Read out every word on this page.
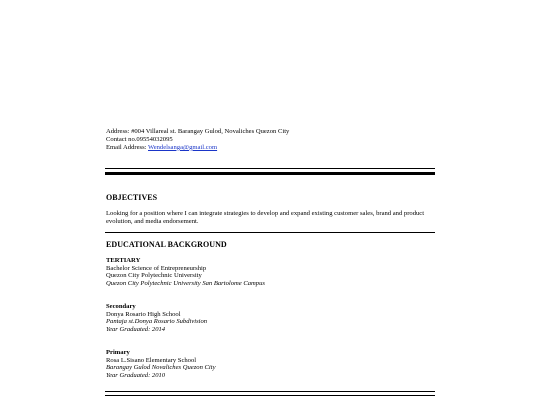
Address: #004 Villareal st. Barangay Gulod, Novaliches Quezon City
Contact no.09554032095
Email Address: Wendelsanga@gmail.com
OBJECTIVES
Looking for a position where I can integrate strategies to develop and expand existing customer sales, brand and product evolution, and media endorsement.
EDUCATIONAL BACKGROUND
TERTIARY
Bachelor Science of Entrepreneurship
Quezon City Polytechnic University
Quezon City Polytechnic University San Bartolome Campus
Secondary
Donya Rosario High School
Pantaja st.Donya Rosario Subdivision
Year Graduated: 2014
Primary
Rosa L.Sisano Elementary School
Barangay Gulod Novaliches Quezon City
Year Graduated: 2010
